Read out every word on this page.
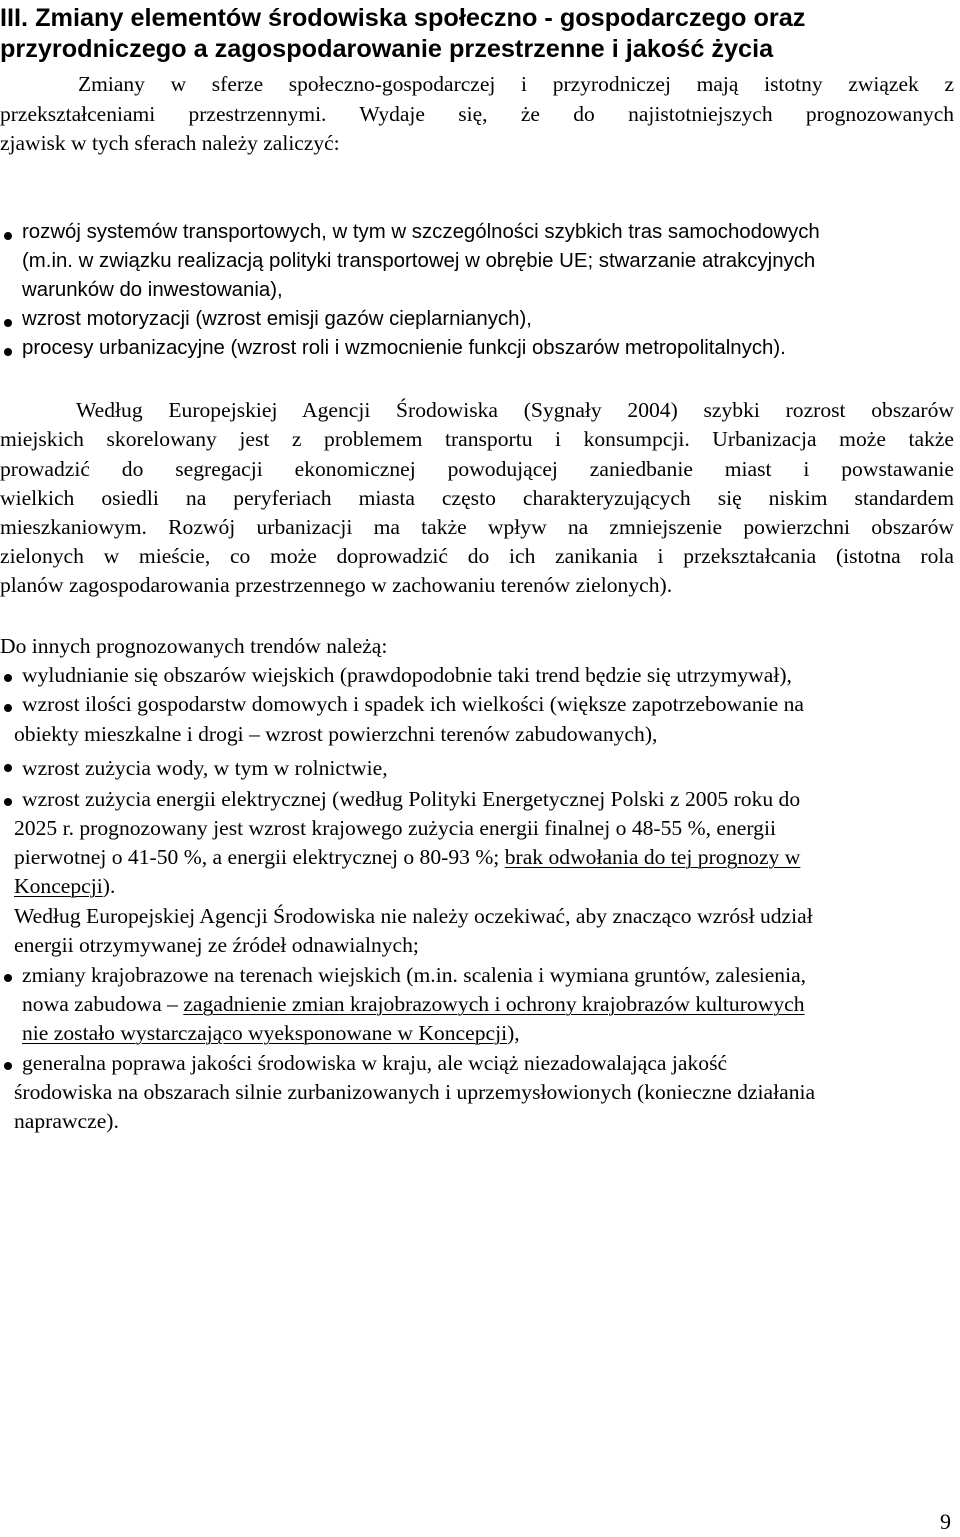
III. Zmiany elementów środowiska społeczno - gospodarczego oraz
przyrodniczego a zagospodarowanie przestrzenne i jakość życia
Zmiany w sferze społeczno-gospodarczej i przyrodniczej mają istotny związek z
przekształceniami przestrzennymi. Wydaje się, że do najistotniejszych prognozowanych
zjawisk w tych sferach należy zaliczyć:
rozwój systemów transportowych, w tym w szczególności szybkich tras samochodowych
(m.in. w związku realizacją polityki transportowej w obrębie UE; stwarzanie atrakcyjnych
warunków do inwestowania),
wzrost motoryzacji (wzrost emisji gazów cieplarnianych),
procesy urbanizacyjne (wzrost roli i wzmocnienie funkcji obszarów metropolitalnych).
Według Europejskiej Agencji Środowiska (Sygnały 2004) szybki rozrost obszarów
miejskich skorelowany jest z problemem transportu i konsumpcji. Urbanizacja może także
prowadzić do segregacji ekonomicznej powodującej zaniedbanie miast i powstawanie
wielkich osiedli na peryferiach miasta często charakteryzujących się niskim standardem
mieszkaniowym. Rozwój urbanizacji ma także wpływ na zmniejszenie powierzchni obszarów
zielonych w mieście, co może doprowadzić do ich zanikania i przekształcania (istotna rola
planów zagospodarowania przestrzennego w zachowaniu terenów zielonych).
Do innych prognozowanych trendów należą:
wyludnianie się obszarów wiejskich (prawdopodobnie taki trend będzie się utrzymywał),
wzrost ilości gospodarstw domowych i spadek ich wielkości (większe zapotrzebowanie na
obiekty mieszkalne i drogi – wzrost powierzchni terenów zabudowanych),
wzrost zużycia wody, w tym w rolnictwie,
wzrost zużycia energii elektrycznej (według Polityki Energetycznej Polski z 2005 roku do
2025 r. prognozowany jest wzrost krajowego zużycia energii finalnej o 48-55 %, energii
pierwotnej o 41-50 %, a energii elektrycznej o 80-93 %; brak odwołania do tej prognozy w
Koncepcji).
Według Europejskiej Agencji Środowiska nie należy oczekiwać, aby znacząco wzrósł udział
energii otrzymywanej ze źródeł odnawialnych;
zmiany krajobrazowe na terenach wiejskich (m.in. scalenia i wymiana gruntów, zalesienia,
nowa zabudowa – zagadnienie zmian krajobrazowych i ochrony krajobrazów kulturowych
nie zostało wystarczająco wyeksponowane w Koncepcji),
generalna poprawa jakości środowiska w kraju, ale wciąż niezadowalająca jakość
środowiska na obszarach silnie zurbanizowanych i uprzemysłowionych (konieczne działania
naprawcze).
9
